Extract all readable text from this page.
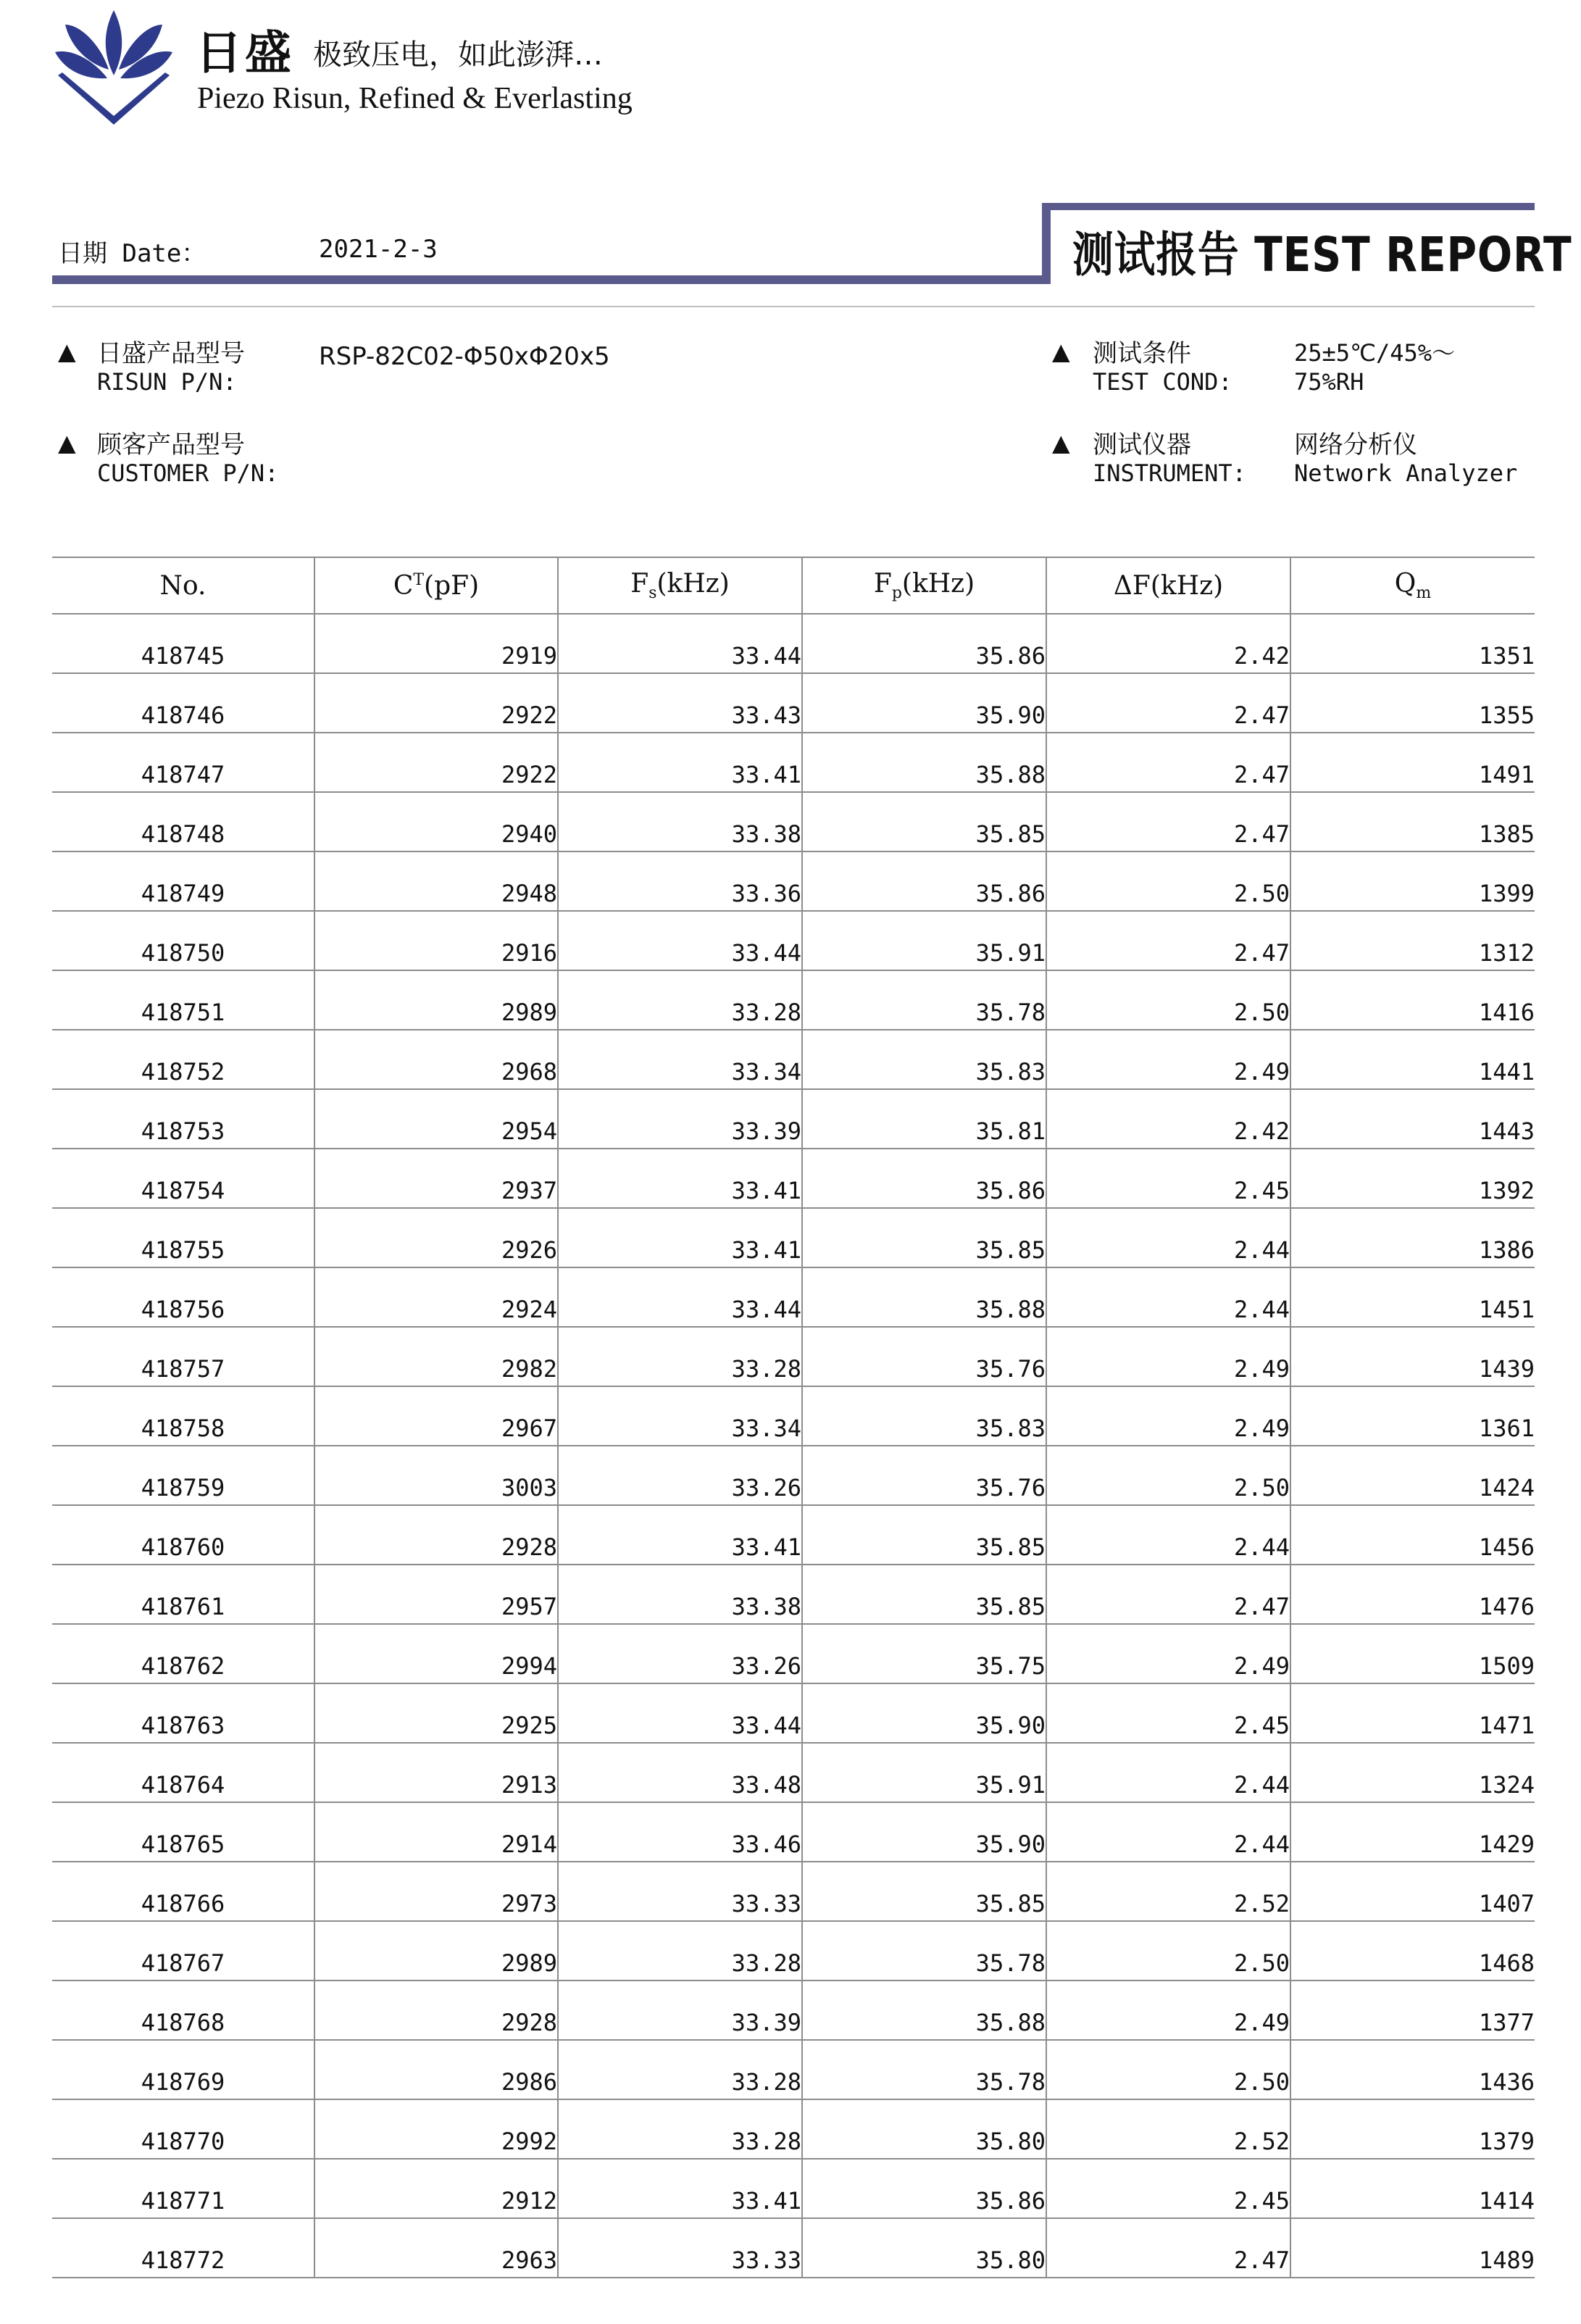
日盛 极致压电，如此澎湃…
Piezo Risun, Refined & Everlasting
日期 Date：	2021-2-3	测试报告 TEST REPORT
▲ 日盛产品型号
RISUN P/N:
RSP-82C02-Φ50xΦ20x5
▲ 顾客产品型号
CUSTOMER P/N:
▲ 测试条件
TEST COND:
25±5℃/45%～
75%RH
▲ 测试仪器
INSTRUMENT:
网络分析仪
Network Analyzer
No.	$C^T(pF)$	$F_s(kHz)$	$F_p(kHz)$	ΔF(kHz)	$Q_m$
418745	2919	33.44	35.86	2.42	1351
418746	2922	33.43	35.90	2.47	1355
418747	2922	33.41	35.88	2.47	1491
418748	2940	33.38	35.85	2.47	1385
418749	2948	33.36	35.86	2.50	1399
418750	2916	33.44	35.91	2.47	1312
418751	2989	33.28	35.78	2.50	1416
418752	2968	33.34	35.83	2.49	1441
418753	2954	33.39	35.81	2.42	1443
418754	2937	33.41	35.86	2.45	1392
418755	2926	33.41	35.85	2.44	1386
418756	2924	33.44	35.88	2.44	1451
418757	2982	33.28	35.76	2.49	1439
418758	2967	33.34	35.83	2.49	1361
418759	3003	33.26	35.76	2.50	1424
418760	2928	33.41	35.85	2.44	1456
418761	2957	33.38	35.85	2.47	1476
418762	2994	33.26	35.75	2.49	1509
418763	2925	33.44	35.90	2.45	1471
418764	2913	33.48	35.91	2.44	1324
418765	2914	33.46	35.90	2.44	1429
418766	2973	33.33	35.85	2.52	1407
418767	2989	33.28	35.78	2.50	1468
418768	2928	33.39	35.88	2.49	1377
418769	2986	33.28	35.78	2.50	1436
418770	2992	33.28	35.80	2.52	1379
418771	2912	33.41	35.86	2.45	1414
418772	2963	33.33	35.80	2.47	1489
